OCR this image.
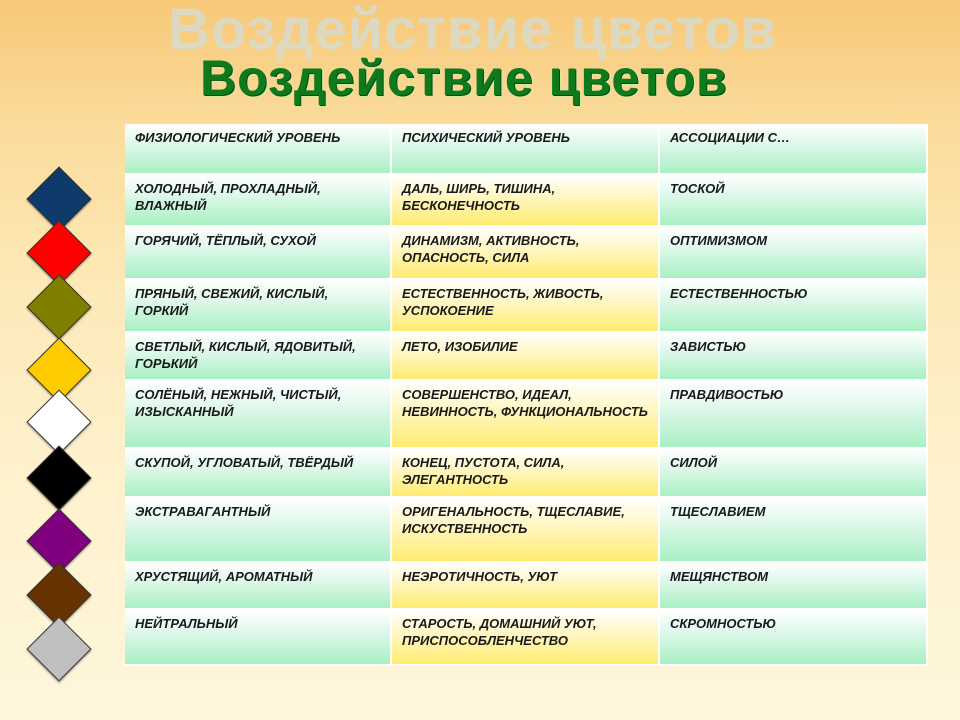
Воздействие цветов
Воздействие цветов
ФИЗИОЛОГИЧЕСКИЙ УРОВЕНЬ	ПСИХИЧЕСКИЙ УРОВЕНЬ	АССОЦИАЦИИ С…
ХОЛОДНЫЙ, ПРОХЛАДНЫЙ, ВЛАЖНЫЙ	ДАЛЬ, ШИРЬ, ТИШИНА, БЕСКОНЕЧНОСТЬ	ТОСКОЙ
ГОРЯЧИЙ, ТЁПЛЫЙ, СУХОЙ	ДИНАМИЗМ, АКТИВНОСТЬ, ОПАСНОСТЬ, СИЛА	ОПТИМИЗМОМ
ПРЯНЫЙ, СВЕЖИЙ, КИСЛЫЙ, ГОРКИЙ	ЕСТЕСТВЕННОСТЬ, ЖИВОСТЬ, УСПОКОЕНИЕ	ЕСТЕСТВЕННОСТЬЮ
СВЕТЛЫЙ, КИСЛЫЙ, ЯДОВИТЫЙ, ГОРЬКИЙ	ЛЕТО, ИЗОБИЛИЕ	ЗАВИСТЬЮ
СОЛЁНЫЙ, НЕЖНЫЙ, ЧИСТЫЙ, ИЗЫСКАННЫЙ	СОВЕРШЕНСТВО, ИДЕАЛ, НЕВИННОСТЬ, ФУНКЦИОНАЛЬНОСТЬ	ПРАВДИВОСТЬЮ
СКУПОЙ, УГЛОВАТЫЙ, ТВЁРДЫЙ	КОНЕЦ, ПУСТОТА, СИЛА, ЭЛЕГАНТНОСТЬ	СИЛОЙ
ЭКСТРАВАГАНТНЫЙ	ОРИГЕНАЛЬНОСТЬ, ТЩЕСЛАВИЕ, ИСКУСТВЕННОСТЬ	ТЩЕСЛАВИЕМ
ХРУСТЯЩИЙ, АРОМАТНЫЙ	НЕЭРОТИЧНОСТЬ, УЮТ	МЕЩЯНСТВОМ
НЕЙТРАЛЬНЫЙ	СТАРОСТЬ, ДОМАШНИЙ УЮТ, ПРИСПОСОБЛЕНЧЕСТВО	СКРОМНОСТЬЮ
